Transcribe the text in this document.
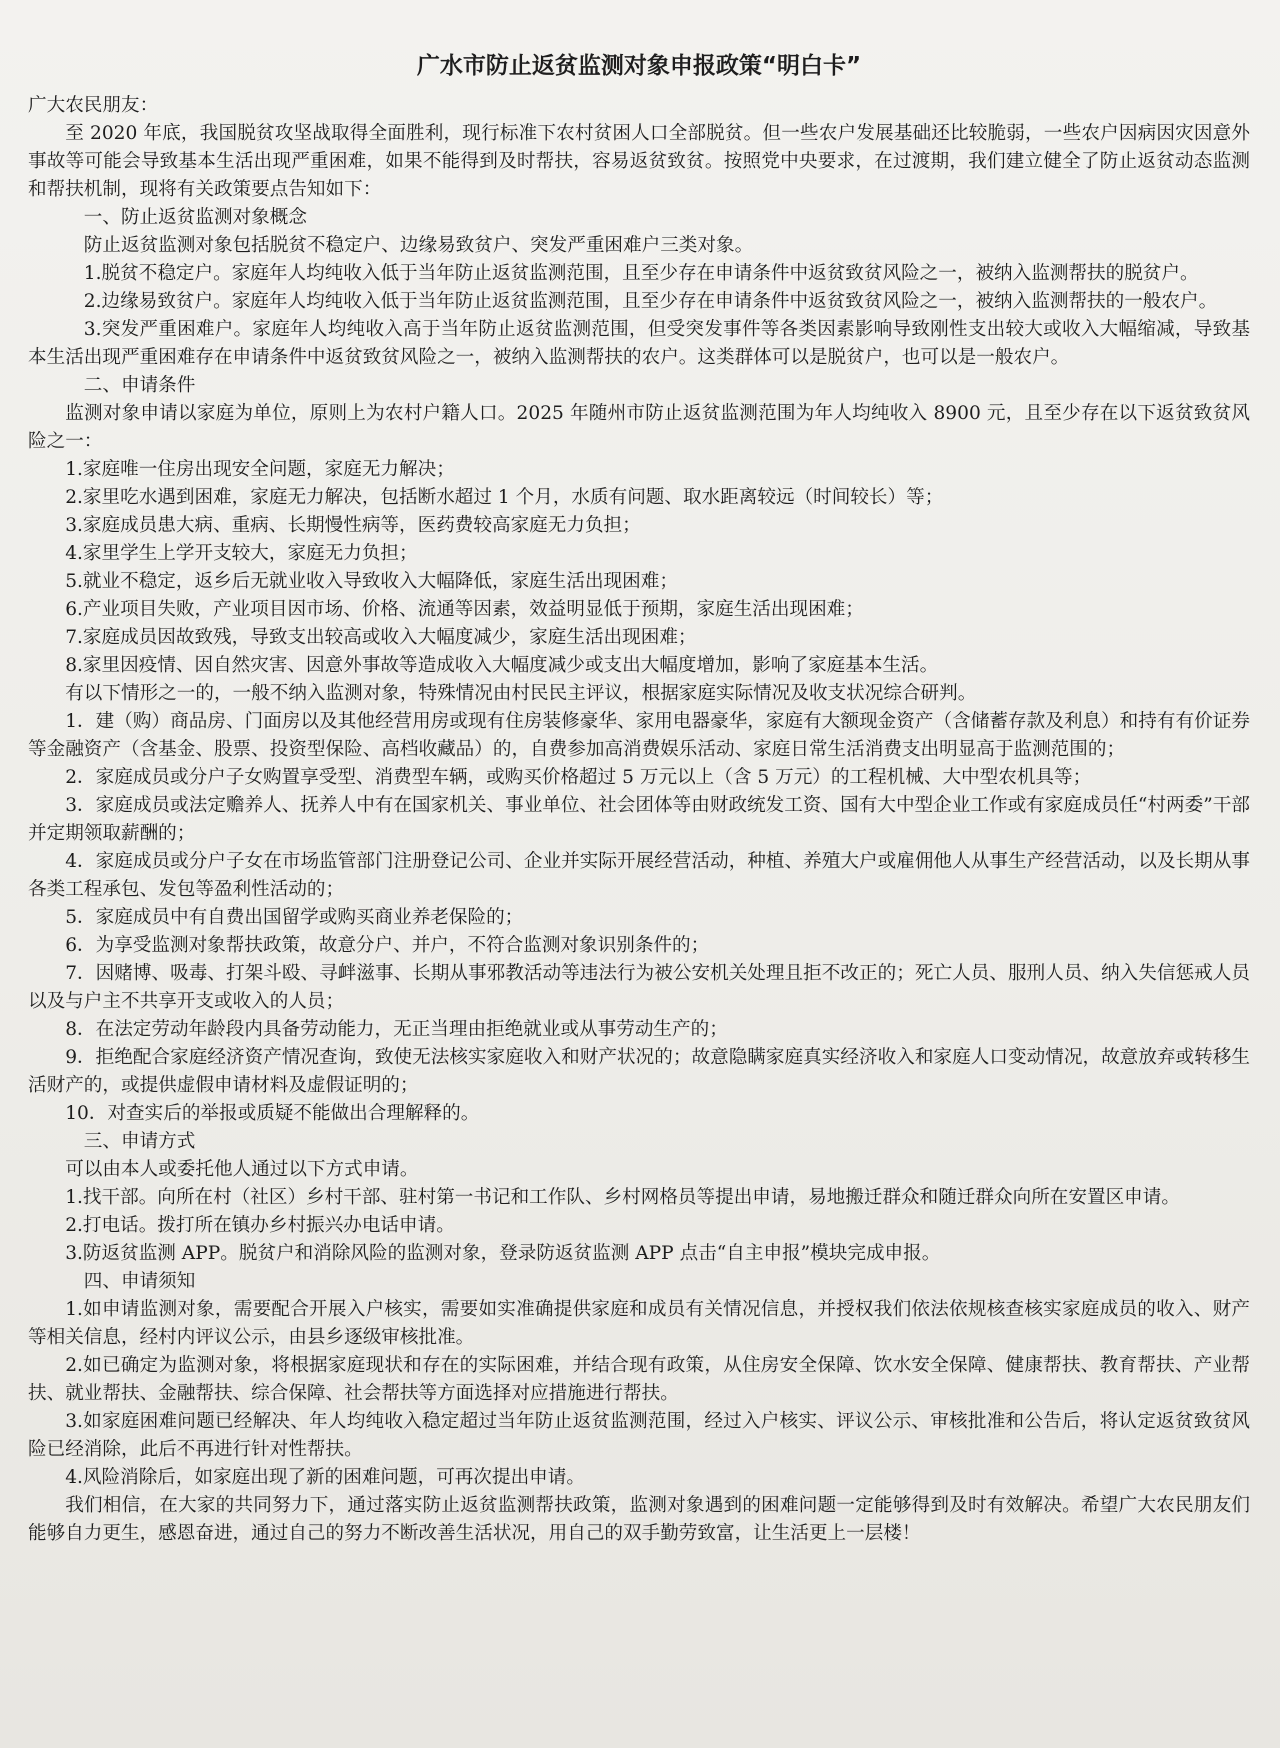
广水市防止返贫监测对象申报政策“明白卡”

广大农民朋友：

至 2020 年底，我国脱贫攻坚战取得全面胜利，现行标准下农村贫困人口全部脱贫。但一些农户发展基础还比较脆弱，一些农户因病因灾因意外事故等可能会导致基本生活出现严重困难，如果不能得到及时帮扶，容易返贫致贫。按照党中央要求，在过渡期，我们建立健全了防止返贫动态监测和帮扶机制，现将有关政策要点告知如下：

一、防止返贫监测对象概念

防止返贫监测对象包括脱贫不稳定户、边缘易致贫户、突发严重困难户三类对象。

1.脱贫不稳定户。家庭年人均纯收入低于当年防止返贫监测范围，且至少存在申请条件中返贫致贫风险之一，被纳入监测帮扶的脱贫户。

2.边缘易致贫户。家庭年人均纯收入低于当年防止返贫监测范围，且至少存在申请条件中返贫致贫风险之一，被纳入监测帮扶的一般农户。

3.突发严重困难户。家庭年人均纯收入高于当年防止返贫监测范围，但受突发事件等各类因素影响导致刚性支出较大或收入大幅缩减，导致基本生活出现严重困难存在申请条件中返贫致贫风险之一，被纳入监测帮扶的农户。这类群体可以是脱贫户，也可以是一般农户。

二、申请条件

监测对象申请以家庭为单位，原则上为农村户籍人口。2025 年随州市防止返贫监测范围为年人均纯收入 8900 元，且至少存在以下返贫致贫风险之一：

1.家庭唯一住房出现安全问题，家庭无力解决；

2.家里吃水遇到困难，家庭无力解决，包括断水超过 1 个月，水质有问题、取水距离较远（时间较长）等；

3.家庭成员患大病、重病、长期慢性病等，医药费较高家庭无力负担；

4.家里学生上学开支较大，家庭无力负担；

5.就业不稳定，返乡后无就业收入导致收入大幅降低，家庭生活出现困难；

6.产业项目失败，产业项目因市场、价格、流通等因素，效益明显低于预期，家庭生活出现困难；

7.家庭成员因故致残，导致支出较高或收入大幅度减少，家庭生活出现困难；

8.家里因疫情、因自然灾害、因意外事故等造成收入大幅度减少或支出大幅度增加，影响了家庭基本生活。

有以下情形之一的，一般不纳入监测对象，特殊情况由村民民主评议，根据家庭实际情况及收支状况综合研判。

1．建（购）商品房、门面房以及其他经营用房或现有住房装修豪华、家用电器豪华，家庭有大额现金资产（含储蓄存款及利息）和持有有价证券等金融资产（含基金、股票、投资型保险、高档收藏品）的，自费参加高消费娱乐活动、家庭日常生活消费支出明显高于监测范围的；

2．家庭成员或分户子女购置享受型、消费型车辆，或购买价格超过 5 万元以上（含 5 万元）的工程机械、大中型农机具等；

3．家庭成员或法定赡养人、抚养人中有在国家机关、事业单位、社会团体等由财政统发工资、国有大中型企业工作或有家庭成员任“村两委”干部并定期领取薪酬的；

4．家庭成员或分户子女在市场监管部门注册登记公司、企业并实际开展经营活动，种植、养殖大户或雇佣他人从事生产经营活动，以及长期从事各类工程承包、发包等盈利性活动的；

5．家庭成员中有自费出国留学或购买商业养老保险的；

6．为享受监测对象帮扶政策，故意分户、并户，不符合监测对象识别条件的；

7．因赌博、吸毒、打架斗殴、寻衅滋事、长期从事邪教活动等违法行为被公安机关处理且拒不改正的；死亡人员、服刑人员、纳入失信惩戒人员以及与户主不共享开支或收入的人员；

8．在法定劳动年龄段内具备劳动能力，无正当理由拒绝就业或从事劳动生产的；

9．拒绝配合家庭经济资产情况查询，致使无法核实家庭收入和财产状况的；故意隐瞒家庭真实经济收入和家庭人口变动情况，故意放弃或转移生活财产的，或提供虚假申请材料及虚假证明的；

10．对查实后的举报或质疑不能做出合理解释的。

三、申请方式

可以由本人或委托他人通过以下方式申请。

1.找干部。向所在村（社区）乡村干部、驻村第一书记和工作队、乡村网格员等提出申请，易地搬迁群众和随迁群众向所在安置区申请。

2.打电话。拨打所在镇办乡村振兴办电话申请。

3.防返贫监测 APP。脱贫户和消除风险的监测对象，登录防返贫监测 APP 点击“自主申报”模块完成申报。

四、申请须知

1.如申请监测对象，需要配合开展入户核实，需要如实准确提供家庭和成员有关情况信息，并授权我们依法依规核查核实家庭成员的收入、财产等相关信息，经村内评议公示，由县乡逐级审核批准。

2.如已确定为监测对象，将根据家庭现状和存在的实际困难，并结合现有政策，从住房安全保障、饮水安全保障、健康帮扶、教育帮扶、产业帮扶、就业帮扶、金融帮扶、综合保障、社会帮扶等方面选择对应措施进行帮扶。

3.如家庭困难问题已经解决、年人均纯收入稳定超过当年防止返贫监测范围，经过入户核实、评议公示、审核批准和公告后，将认定返贫致贫风险已经消除，此后不再进行针对性帮扶。

4.风险消除后，如家庭出现了新的困难问题，可再次提出申请。

我们相信，在大家的共同努力下，通过落实防止返贫监测帮扶政策，监测对象遇到的困难问题一定能够得到及时有效解决。希望广大农民朋友们能够自力更生，感恩奋进，通过自己的努力不断改善生活状况，用自己的双手勤劳致富，让生活更上一层楼！
